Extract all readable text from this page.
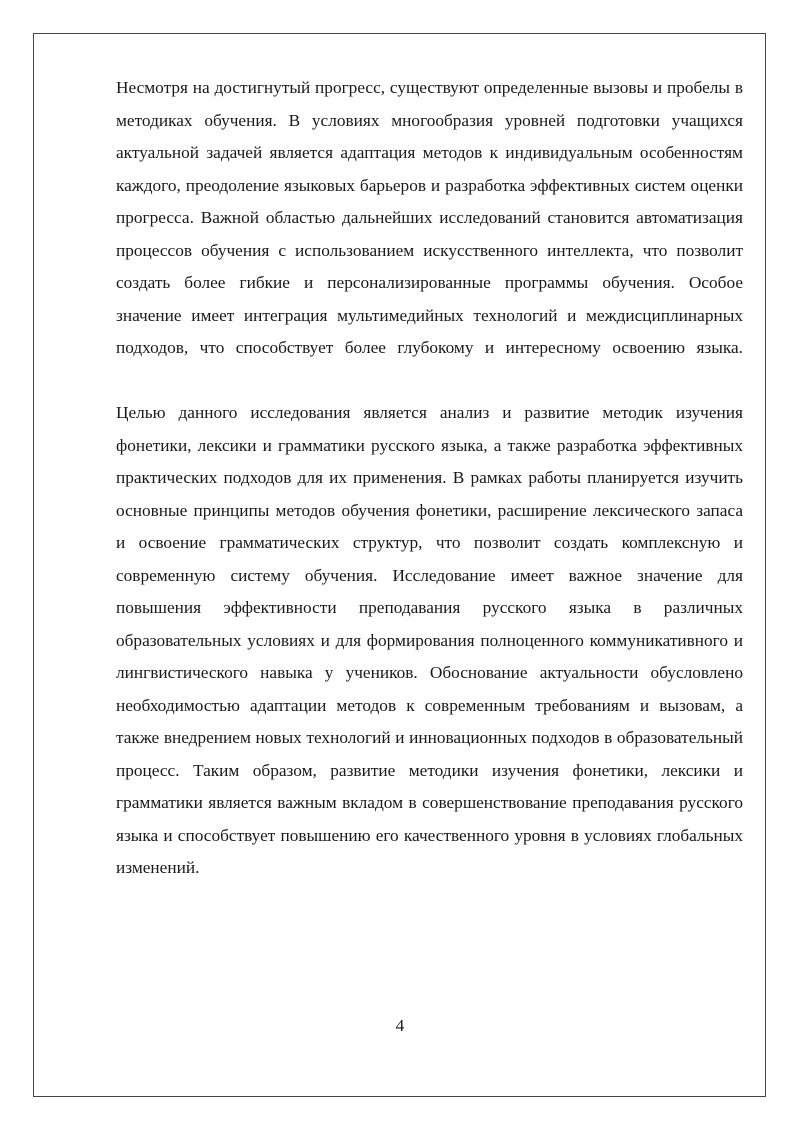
Несмотря на достигнутый прогресс, существуют определенные вызовы и пробелы в методиках обучения. В условиях многообразия уровней подготовки учащихся актуальной задачей является адаптация методов к индивидуальным особенностям каждого, преодоление языковых барьеров и разработка эффективных систем оценки прогресса. Важной областью дальнейших исследований становится автоматизация процессов обучения с использованием искусственного интеллекта, что позволит создать более гибкие и персонализированные программы обучения. Особое значение имеет интеграция мультимедийных технологий и междисциплинарных подходов, что способствует более глубокому и интересному освоению языка.

Целью данного исследования является анализ и развитие методик изучения фонетики, лексики и грамматики русского языка, а также разработка эффективных практических подходов для их применения. В рамках работы планируется изучить основные принципы методов обучения фонетики, расширение лексического запаса и освоение грамматических структур, что позволит создать комплексную и современную систему обучения. Исследование имеет важное значение для повышения эффективности преподавания русского языка в различных образовательных условиях и для формирования полноценного коммуникативного и лингвистического навыка у учеников. Обоснование актуальности обусловлено необходимостью адаптации методов к современным требованиям и вызовам, а также внедрением новых технологий и инновационных подходов в образовательный процесс. Таким образом, развитие методики изучения фонетики, лексики и грамматики является важным вкладом в совершенствование преподавания русского языка и способствует повышению его качественного уровня в условиях глобальных изменений.

4
